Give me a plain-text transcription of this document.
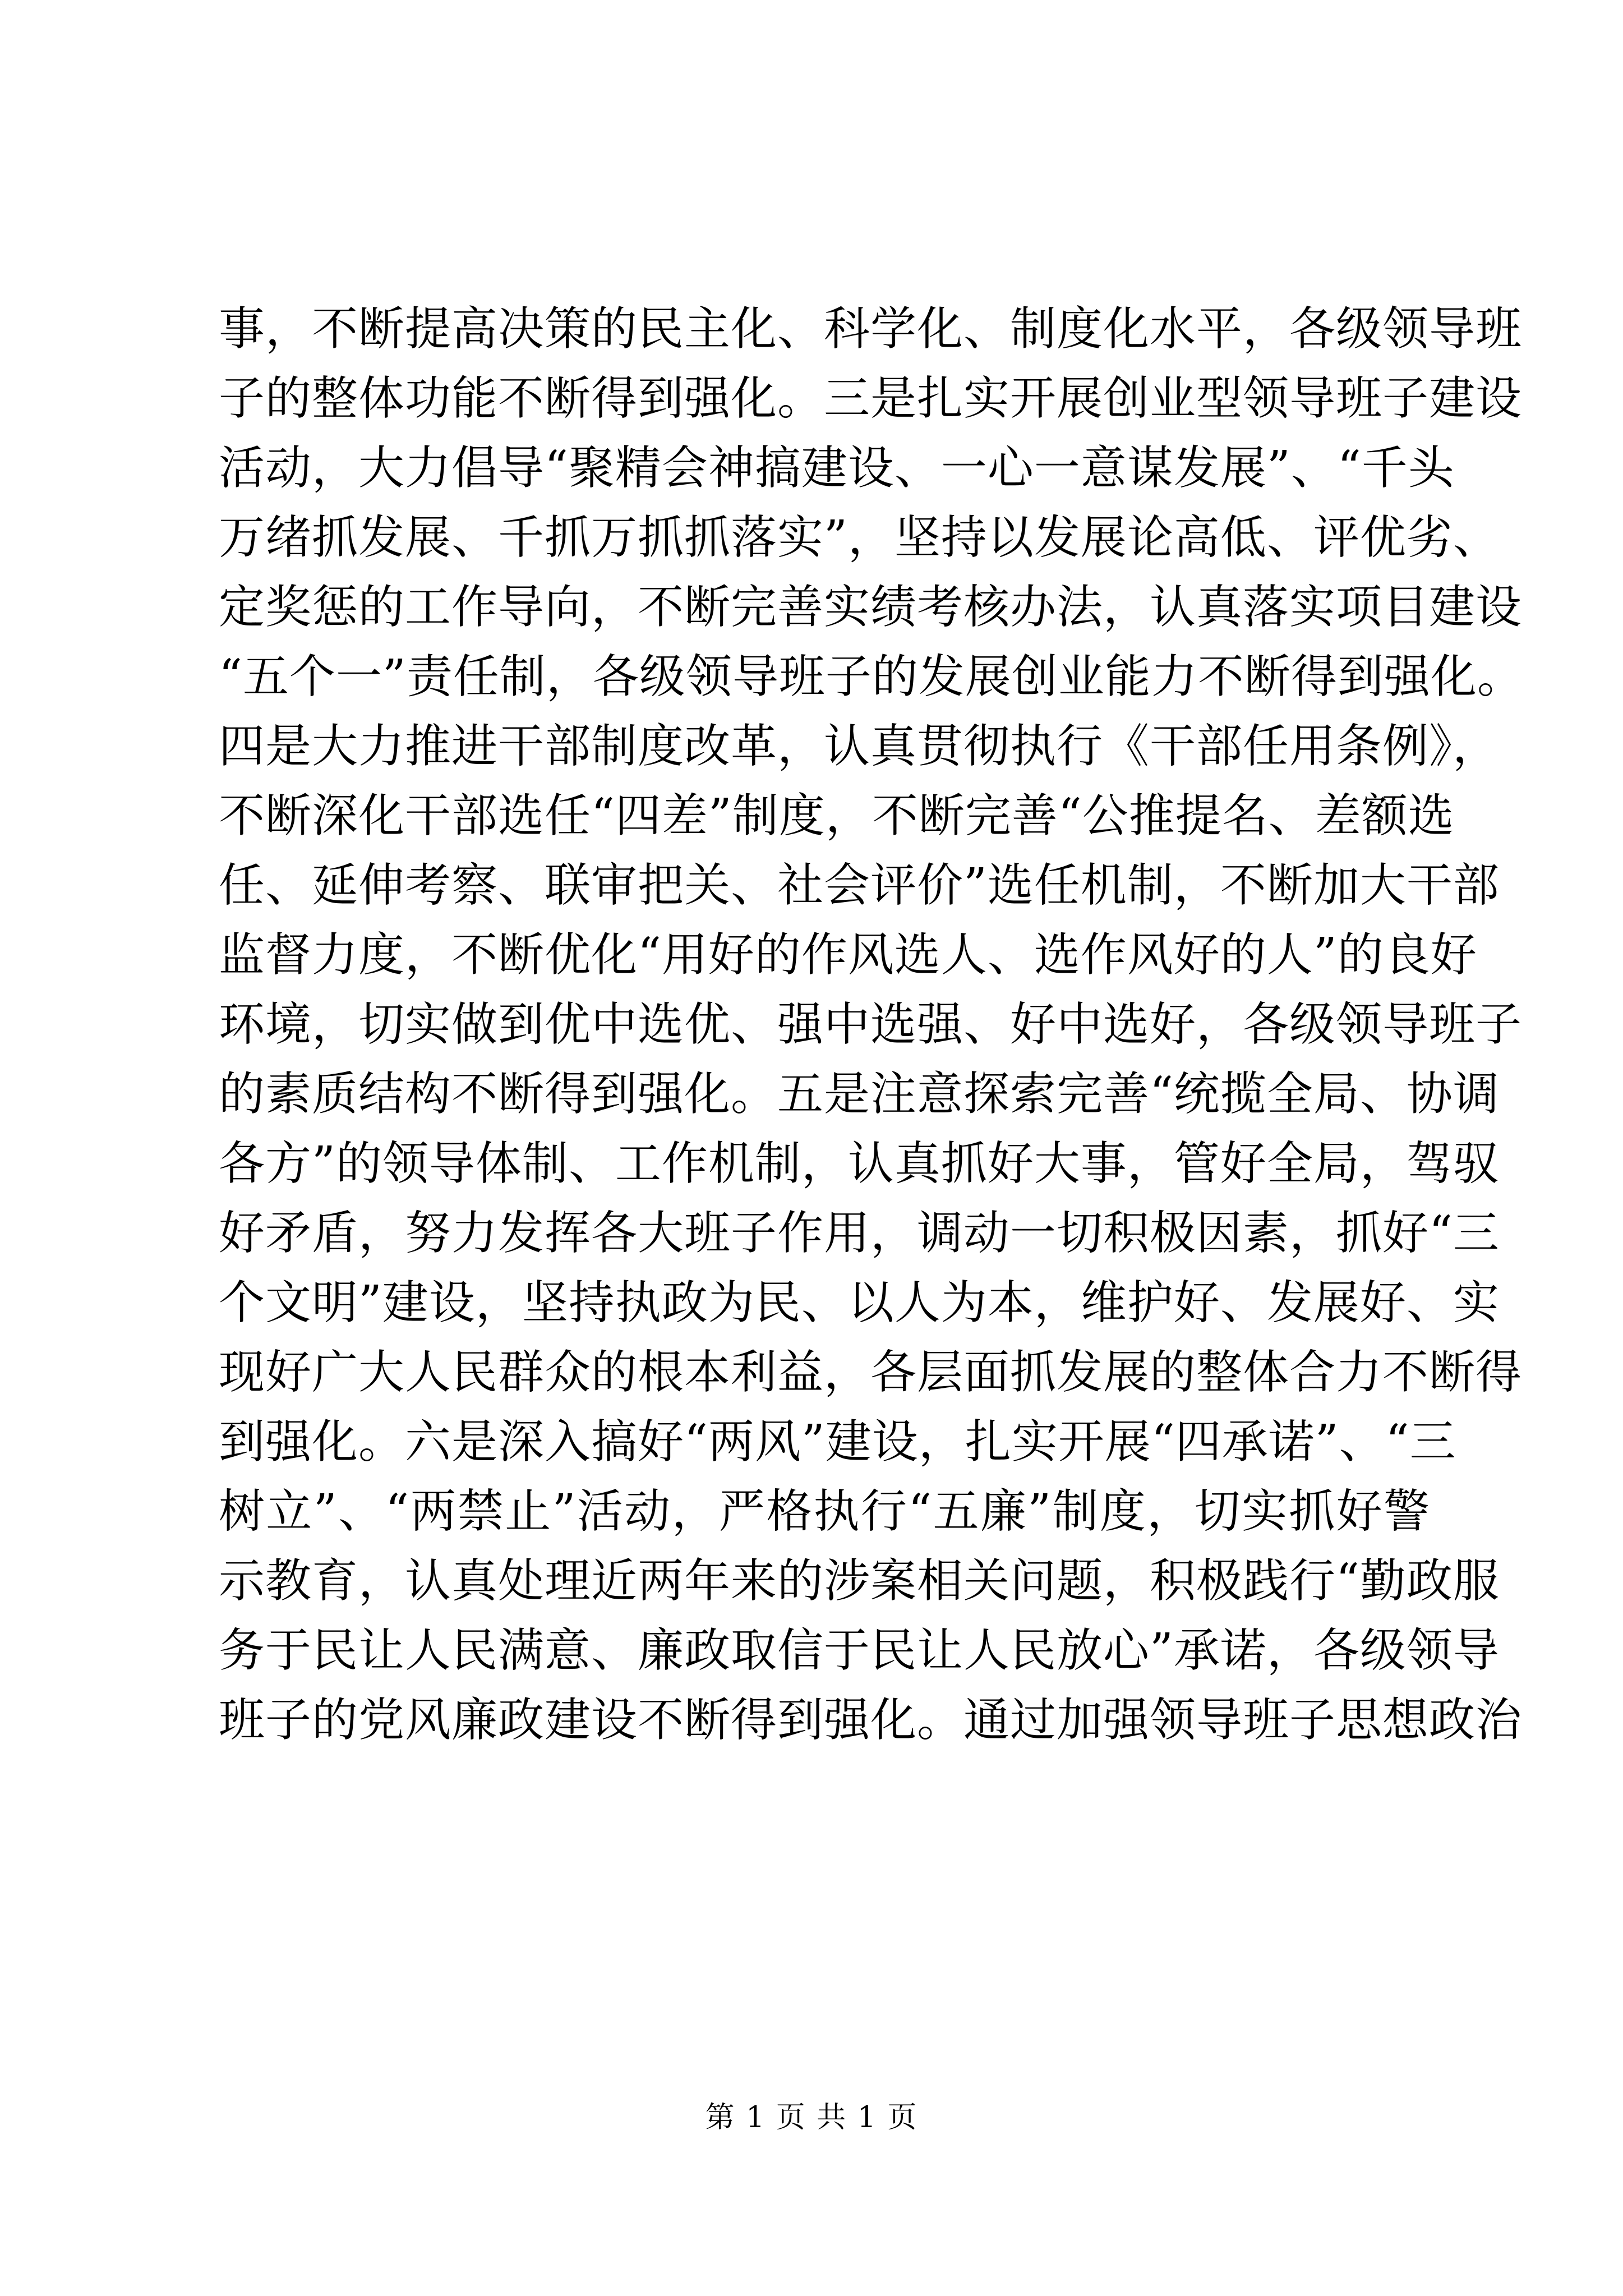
事，不断提高决策的民主化、科学化、制度化水平，各级领导班
子的整体功能不断得到强化。三是扎实开展创业型领导班子建设
活动，大力倡导“聚精会神搞建设、一心一意谋发展”、“千头
万绪抓发展、千抓万抓抓落实”，坚持以发展论高低、评优劣、
定奖惩的工作导向，不断完善实绩考核办法，认真落实项目建设
“五个一”责任制，各级领导班子的发展创业能力不断得到强化。
四是大力推进干部制度改革，认真贯彻执行《干部任用条例》，
不断深化干部选任“四差”制度，不断完善“公推提名、差额选
任、延伸考察、联审把关、社会评价”选任机制，不断加大干部
监督力度，不断优化“用好的作风选人、选作风好的人”的良好
环境，切实做到优中选优、强中选强、好中选好，各级领导班子
的素质结构不断得到强化。五是注意探索完善“统揽全局、协调
各方”的领导体制、工作机制，认真抓好大事，管好全局，驾驭
好矛盾，努力发挥各大班子作用，调动一切积极因素，抓好“三
个文明”建设，坚持执政为民、以人为本，维护好、发展好、实
现好广大人民群众的根本利益，各层面抓发展的整体合力不断得
到强化。六是深入搞好“两风”建设，扎实开展“四承诺”、“三
树立”、“两禁止”活动，严格执行“五廉”制度，切实抓好警
示教育，认真处理近两年来的涉案相关问题，积极践行“勤政服
务于民让人民满意、廉政取信于民让人民放心”承诺，各级领导
班子的党风廉政建设不断得到强化。通过加强领导班子思想政治
第 1 页 共 1 页
